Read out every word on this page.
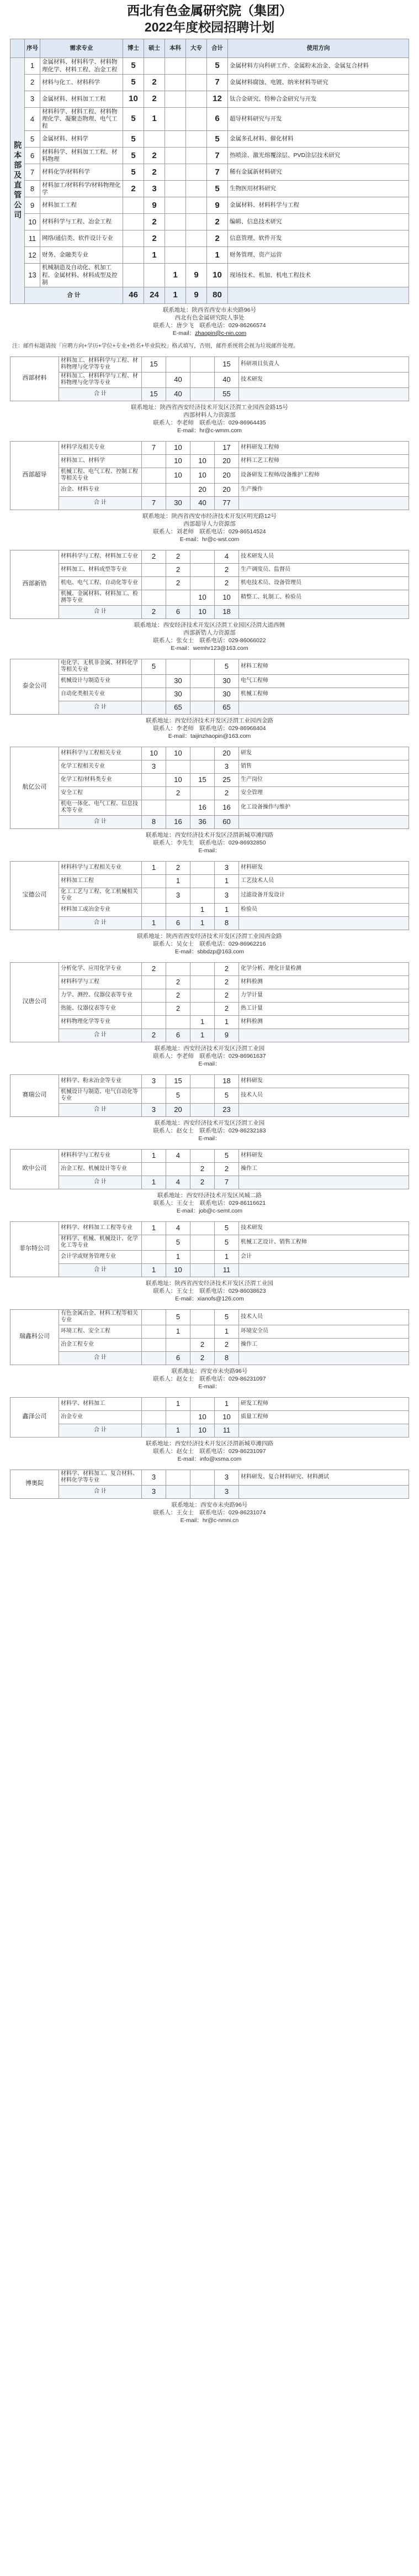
西北有色金属研究院（集团）
2022年度校园招聘计划
	序号	需求专业	博士	硕士	本科	大专	合计	使用方向
院本部及直管公司	1	金属材料、材料科学、材料物理化学、材料工程、冶金工程	5				5	金属材料方向科研工作、金属粉末冶金、金属复合材料
	2	材料与化工、材料科学	5	2			7	金属材料腐蚀、电镀、纳米材料等研究
	3	金属材料、材料加工工程	10	2			12	钛合金研究、特种合金研究与开发
	4	材料科学、材料工程、材料物理化学、凝聚态物理、电气工程	5	1			6	超导材料研究与开发
	5	金属材料、材料学	5				5	金属多孔材料、催化材料
	6	材料科学、材料加工工程、材料物理	5	2			7	热喷涂、激光熔覆涂层、PVD涂层技术研究
	7	材料化学/材料科学	5	2			7	稀有金属新材料研究
	8	材料加工/材料科学/材料物理化学	2	3			5	生物医用材料研究
	9	材料加工工程		9			9	金属材料、材料科学与工程
	10	材料科学与工程、冶金工程		2			2	编辑、信息技术研究
	11	网络/通信类、软件设计专业		2			2	信息管理、软件开发
	12	财务、金融类专业		1			1	财务管理、资产运营
	13	机械制造及自动化、机加工程、金属材料、材料成型及控制			1	9	10	现场技术、机加、机电工程技术
	合 计		46	24	1	9	80	
联系地址：陕西省西安市未央路96号
西北有色金属研究院人事处
联系人：唐少飞　联系电话：029-86266574
E-mail：zhaopin@c-nin.com
注：邮件标题请按「应聘方向+学历+学位+专业+姓名+毕业院校」格式填写，否则，邮件系统将会视为垃圾邮件处理。
西部材料	材料加工、材料科学与工程、材料物理与化学等专业	15			15	科研项目负责人
	材料加工、材料科学与工程、材料物理与化学等专业		40		40	技术研发
	合 计	15	40		55	
联系地址：陕西省西安经济技术开发区泾渭工业园西金路15号
西部材料人力资源部
联系人：李老师　联系电话：029-86964435
E-mail：hr@c-wmm.com
西部超导	材料学及相关专业	7	10		17	材料研发工程师
	材料加工、材料学		10	10	20	材料工艺工程师
	机械工程、电气工程、控制工程等相关专业		10	10	20	设备研发工程师/设备维护工程师
	冶金、材料专业			20	20	生产操作
	合 计	7	30	40	77	
联系地址：陕西省西安市经济技术开发区明光路12号
西部超导人力资源部
联系人：刘老师　联系电话：029-86514524
E-mail：hr@c-wst.com
西部新锆	材料科学与工程、材料加工专业	2	2		4	技术研发人员
	材料加工、材料成型等专业		2		2	生产调度员、监督员
	机电、电气工程、自动化等专业		2		2	机电技术员、设备管理员
	机械、金属材料、材料加工、检测等专业			10	10	精整工、轧制工、检验员
	合 计	2	6	10	18	
联系地址：西安经济技术开发区泾渭工业园区泾渭大道西侧
西部新锆人力资源部
联系人：张女士　联系电话：029-86066022
E-mail：wemhr123@163.com
泰金公司	电化学、无机非金属、材料化学等相关专业	5			5	材料工程师
	机械设计与制造专业		30		30	电气工程师
	自动化类相关专业		30		30	机械工程师
	合 计		65		65	
联系地址：西安经济技术开发区泾渭工业园西金路
联系人：李老师　联系电话：029-86968404
E-mail：taijinzhaopin@163.com
航亿公司	材料科学与工程相关专业	10	10		20	研发
	化学工程相关专业	3			3	销售
	化学工程/材料类专业		10	15	25	生产岗位
	安全工程		2		2	安全管理
	机电一体化、电气工程、信息技术等专业			16	16	化工设备操作与维护
	合 计	8	16	36	60	
联系地址：西安经济技术开发区泾渭新城草滩四路
联系人：李先生　联系电话：029-86932850
E-mail：
宝德公司	材料科学与工程相关专业	1	2		3	材料研发
	材料加工工程		1		1	工艺技术人员
	化工工艺与工程、化工机械相关专业		3		3	过滤设备开发设计
	材料加工或冶金专业			1	1	检验员
	合 计	1	6	1	8	
联系地址：陕西省西安经济技术开发区泾渭工业园西金路
联系人：吴女士　联系电话：029-86962216
E-mail：sbbdzp@163.com
汉唐公司	分析化学、应用化学专业	2			2	化学分析、理化计量检测
	材料科学与工程		2		2	材料检测
	力学、测控、仪器仪表等专业		2		2	力学计量
	热能、仪器仪表等专业		2		2	热工计量
	材料物理化学等专业			1	1	材料检测
	合 计	2	6	1	9	
联系地址：西安经济技术开发区泾渭工业园
联系人：李老师　联系电话：029-86961637
E-mail：
赛瑞公司	材料学、粉末冶金等专业	3	15		18	材料研发
	机械设计与制造、电气自动化等专业		5		5	技术人员
	合 计	3	20		23	
联系地址：西安经济技术开发区泾渭工业园
联系人：赵女士　联系电话：029-86232183
E-mail：
欧中公司	材料科学与工程专业	1	4		5	材料研发
	冶金工程、机械设计等专业			2	2	操作工
	合 计	1	4	2	7	
联系地址：西安经济技术开发区凤城二路
联系人：王女士　联系电话：029-86116621
E-mail：job@c-semt.com
菲尔特公司	材料学、材料加工工程等专业	1	4		5	技术研发
	材料学、机械、机械设计、化学化工等专业		5		5	机械工艺设计、销售工程师
	会计学或财务管理专业		1		1	会计
	合 计	1	10		11	
联系地址：陕西省西安经济技术开发区泾渭工业园
联系人：王女士　联系电话：029-86038623
E-mail：xianofs@126.com
瑞鑫科公司	有色金属冶金、材料工程等相关专业		5		5	技术人员
	环境工程、安全工程		1		1	环境安全员
	冶金工程专业			2	2	操作工
	合 计		6	2	8	
联系地址：西安市未央路96号
联系人：赵女士　联系电话：029-86231097
E-mail：
鑫泽公司	材料学、材料加工		1		1	研发工程师
	冶金专业			10	10	质量工程师
	合 计		1	10	11	
联系地址：西安经济技术开发区泾渭新城草滩四路
联系人：赵女士　联系电话：029-86231097
E-mail：info@xsma.com
博奥院	材料学、材料加工、复合材料、材料化学等专业	3			3	材料研发、复合材料研究、材料测试
	合 计	3			3	
联系地址：西安市未央路96号
联系人：王女士　联系电话：029-86231074
E-mail：hr@c-nmni.cn
